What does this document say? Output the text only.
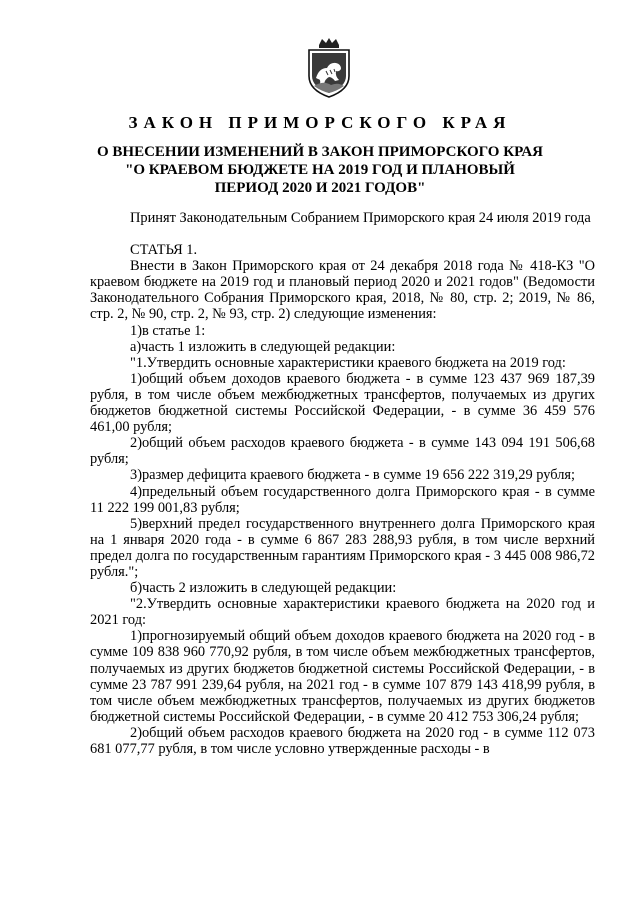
ЗАКОН ПРИМОРСКОГО КРАЯ
О ВНЕСЕНИИ ИЗМЕНЕНИЙ В ЗАКОН ПРИМОРСКОГО КРАЯ
"О КРАЕВОМ БЮДЖЕТЕ НА 2019 ГОД И ПЛАНОВЫЙ
ПЕРИОД 2020 И 2021 ГОДОВ"

Принят Законодательным Собранием Приморского края 24 июля 2019 года

СТАТЬЯ 1.

Внести в Закон Приморского края от 24 декабря 2018 года № 418-КЗ "О краевом бюджете на 2019 год и плановый период 2020 и 2021 годов" (Ведомости Законодательного Собрания Приморского края, 2018, № 80, стр. 2; 2019, № 86, стр. 2, № 90, стр. 2, № 93, стр. 2) следующие изменения:

1)в статье 1:

а)часть 1 изложить в следующей редакции:

"1.Утвердить основные характеристики краевого бюджета на 2019 год:

1)общий объем доходов краевого бюджета - в сумме 123 437 969 187,39 рубля, в том числе объем межбюджетных трансфертов, получаемых из других бюджетов бюджетной системы Российской Федерации, - в сумме 36 459 576 461,00 рубля;

2)общий объем расходов краевого бюджета - в сумме 143 094 191 506,68 рубля;

3)размер дефицита краевого бюджета - в сумме 19 656 222 319,29 рубля;

4)предельный объем государственного долга Приморского края - в сумме 11 222 199 001,83 рубля;

5)верхний предел государственного внутреннего долга Приморского края на 1 января 2020 года - в сумме 6 867 283 288,93 рубля, в том числе верхний предел долга по государственным гарантиям Приморского края - 3 445 008 986,72 рубля.";

б)часть 2 изложить в следующей редакции:

"2.Утвердить основные характеристики краевого бюджета на 2020 год и 2021 год:

1)прогнозируемый общий объем доходов краевого бюджета на 2020 год - в сумме 109 838 960 770,92 рубля, в том числе объем межбюджетных трансфертов, получаемых из других бюджетов бюджетной системы Российской Федерации, - в сумме 23 787 991 239,64 рубля, на 2021 год - в сумме 107 879 143 418,99 рубля, в том числе объем межбюджетных трансфертов, получаемых из других бюджетов бюджетной системы Российской Федерации, - в сумме 20 412 753 306,24 рубля;

2)общий объем расходов краевого бюджета на 2020 год - в сумме 112 073 681 077,77 рубля, в том числе условно утвержденные расходы - в
